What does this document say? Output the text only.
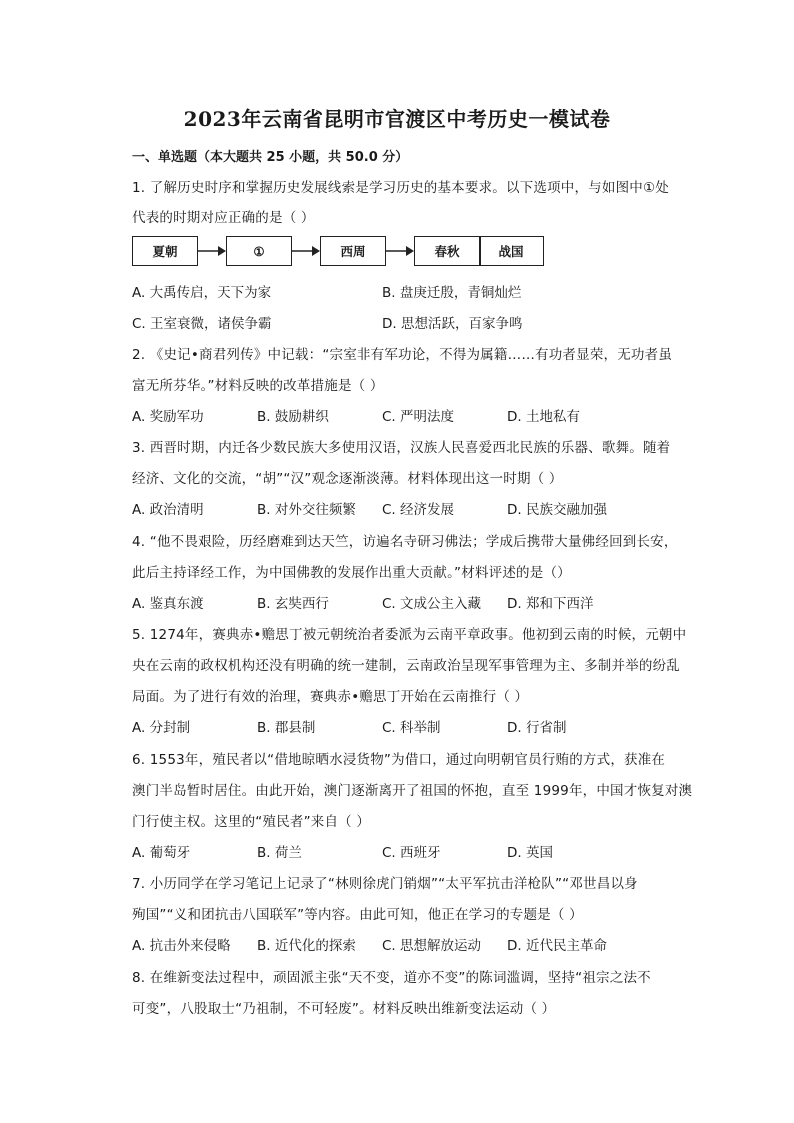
2023年云南省昆明市官渡区中考历史一模试卷
一、单选题（本大题共 25 小题，共 50.0 分）
1. 了解历史时序和掌握历史发展线索是学习历史的基本要求。以下选项中，与如图中①处
代表的时期对应正确的是（ ）
夏朝	①	西周	春秋	战国
A. 大禹传启，天下为家	B. 盘庚迁殷，青铜灿烂
C. 王室衰微，诸侯争霸	D. 思想活跃，百家争鸣
2. 《史记•商君列传》中记载：“宗室非有军功论，不得为属籍……有功者显荣，无功者虽
富无所芬华。”材料反映的改革措施是（ ）
A. 奖励军功	B. 鼓励耕织	C. 严明法度	D. 土地私有
3. 西晋时期，内迁各少数民族大多使用汉语，汉族人民喜爱西北民族的乐器、歌舞。随着
经济、文化的交流，“胡”“汉”观念逐渐淡薄。材料体现出这一时期（ ）
A. 政治清明	B. 对外交往频繁 C. 经济发展	D. 民族交融加强
4. “他不畏艰险，历经磨难到达天竺，访遍名寺研习佛法；学成后携带大量佛经回到长安，
此后主持译经工作，为中国佛教的发展作出重大贡献。”材料评述的是（）
A. 鉴真东渡	B. 玄奘西行	C. 文成公主入藏 D. 郑和下西洋
5. 1274年，赛典赤•赡思丁被元朝统治者委派为云南平章政事。他初到云南的时候，元朝中
央在云南的政权机构还没有明确的统一建制，云南政治呈现军事管理为主、多制并举的纷乱
局面。为了进行有效的治理，赛典赤•赡思丁开始在云南推行（ ）
A. 分封制	B. 郡县制	C. 科举制	D. 行省制
6. 1553年，殖民者以“借地晾晒水浸货物”为借口，通过向明朝官员行贿的方式，获准在
澳门半岛暂时居住。由此开始，澳门逐渐离开了祖国的怀抱，直至 1999年，中国才恢复对澳
门行使主权。这里的“殖民者”来自（ ）
A. 葡萄牙	B. 荷兰	C. 西班牙	D. 英国
7. 小历同学在学习笔记上记录了“林则徐虎门销烟”“太平军抗击洋枪队”“邓世昌以身
殉国”“义和团抗击八国联军”等内容。由此可知，他正在学习的专题是（ ）
A. 抗击外来侵略 B. 近代化的探索 C. 思想解放运动 D. 近代民主革命
8. 在维新变法过程中，顽固派主张“天不变，道亦不变”的陈词滥调，坚持“祖宗之法不
可变”，八股取士“乃祖制，不可轻废”。材料反映出维新变法运动（ ）
